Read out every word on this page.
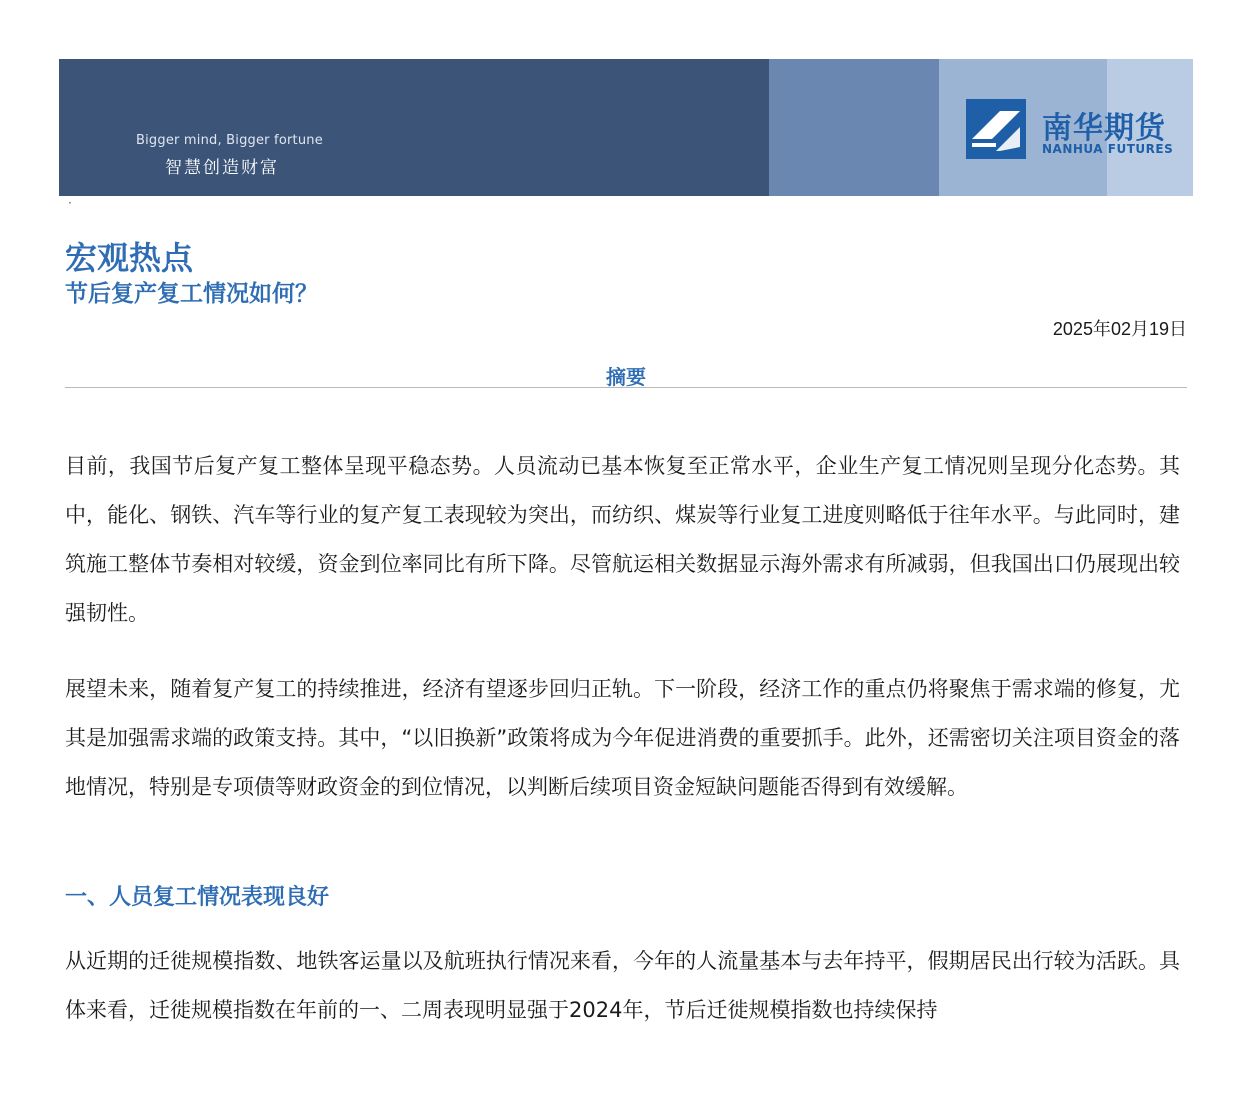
Bigger mind, Bigger fortune
智慧创造财富
南华期货
NANHUA FUTURES
·
宏观热点
节后复产复工情况如何？
2025年02月19日
摘要

目前，我国节后复产复工整体呈现平稳态势。人员流动已基本恢复至正常水平，企业生产复工情况则呈现分化态势。其中，能化、钢铁、汽车等行业的复产复工表现较为突出，而纺织、煤炭等行业复工进度则略低于往年水平。与此同时，建筑施工整体节奏相对较缓，资金到位率同比有所下降。尽管航运相关数据显示海外需求有所减弱，但我国出口仍展现出较强韧性。

展望未来，随着复产复工的持续推进，经济有望逐步回归正轨。下一阶段，经济工作的重点仍将聚焦于需求端的修复，尤其是加强需求端的政策支持。其中，“以旧换新”政策将成为今年促进消费的重要抓手。此外，还需密切关注项目资金的落地情况，特别是专项债等财政资金的到位情况，以判断后续项目资金短缺问题能否得到有效缓解。

一、人员复工情况表现良好

从近期的迁徙规模指数、地铁客运量以及航班执行情况来看，今年的人流量基本与去年持平，假期居民出行较为活跃。具体来看，迁徙规模指数在年前的一、二周表现明显强于2024年，节后迁徙规模指数也持续保持
